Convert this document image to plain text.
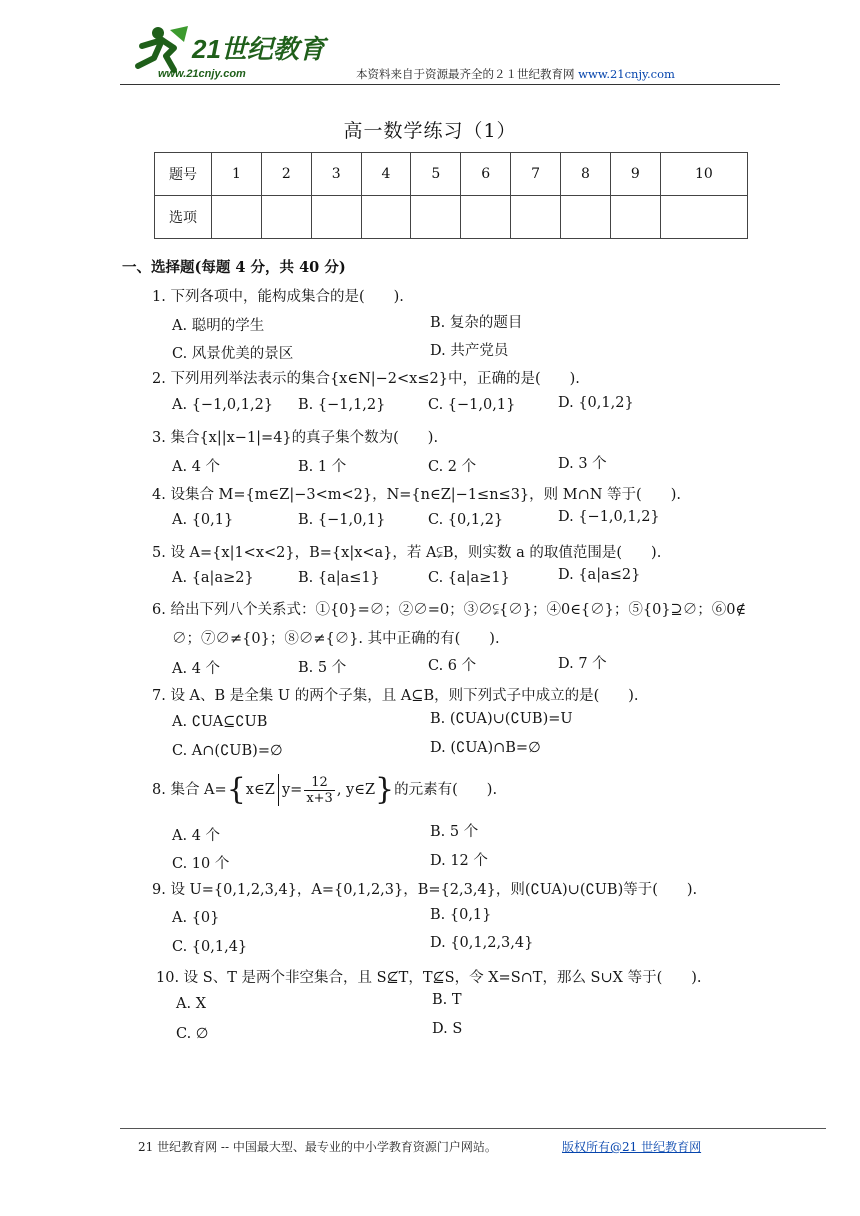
21世纪教育
www.21cnjy.com	本资料来自于资源最齐全的２１世纪教育网 www.21cnjy.com
高一数学练习（1）
题号	1	2	3	4	5	6	7	8	9	10
选项										
一、选择题(每题 4 分，共 40 分)
1. 下列各项中，能构成集合的是(　　).
A. 聪明的学生	B. 复杂的题目
C. 风景优美的景区	D. 共产党员
2. 下列用列举法表示的集合{x∈N|−2<x≤2}中，正确的是(　　).
A. {−1,0,1,2} B. {−1,1,2}	C. {−1,0,1}	D. {0,1,2}
3. 集合{x||x−1|=4}的真子集个数为(　　).
A. 4 个	B. 1 个	C. 2 个	D. 3 个
4. 设集合 M={m∈Z|−3<m<2}，N={n∈Z|−1≤n≤3}，则 M∩N 等于(　　).
A. {0,1}	B. {−1,0,1}	C. {0,1,2}	D. {−1,0,1,2}
5. 设 A={x|1<x<2}，B={x|x<a}，若 A⫋B，则实数 a 的取值范围是(　　).
A. {a|a≥2}	B. {a|a≤1}	C. {a|a≥1}	D. {a|a≤2}
6. 给出下列八个关系式：①{0}=∅；②∅=0；③∅⫋{∅}；④0∈{∅}；⑤{0}⊇∅；⑥0∉
∅；⑦∅≠{0}；⑧∅≠{∅}. 其中正确的有(　　).
A. 4 个	B. 5 个	C. 6 个	D. 7 个
7. 设 A、B 是全集 U 的两个子集，且 A⊆B，则下列式子中成立的是(　　).
A. ∁UA⊆∁UB	B. (∁UA)∪(∁UB)=U
C. A∩(∁UB)=∅	D. (∁UA)∩B=∅
8. 集合 A={x∈Z $y= \frac{12}{x+3}$ , y∈Z}的元素有(　　).
A. 4 个	B. 5 个
C. 10 个	D. 12 个
9. 设 U={0,1,2,3,4}，A={0,1,2,3}，B={2,3,4}，则(∁UA)∪(∁UB)等于(　　).
A. {0}	B. {0,1}
C. {0,1,4}	D. {0,1,2,3,4}
10. 设 S、T 是两个非空集合，且 S⊈T，T⊈S，令 X=S∩T，那么 S∪X 等于(　　).
A. X	B. T
C. ∅	D. S
21 世纪教育网 -- 中国最大型、最专业的中小学教育资源门户网站。	版权所有@21 世纪教育网
